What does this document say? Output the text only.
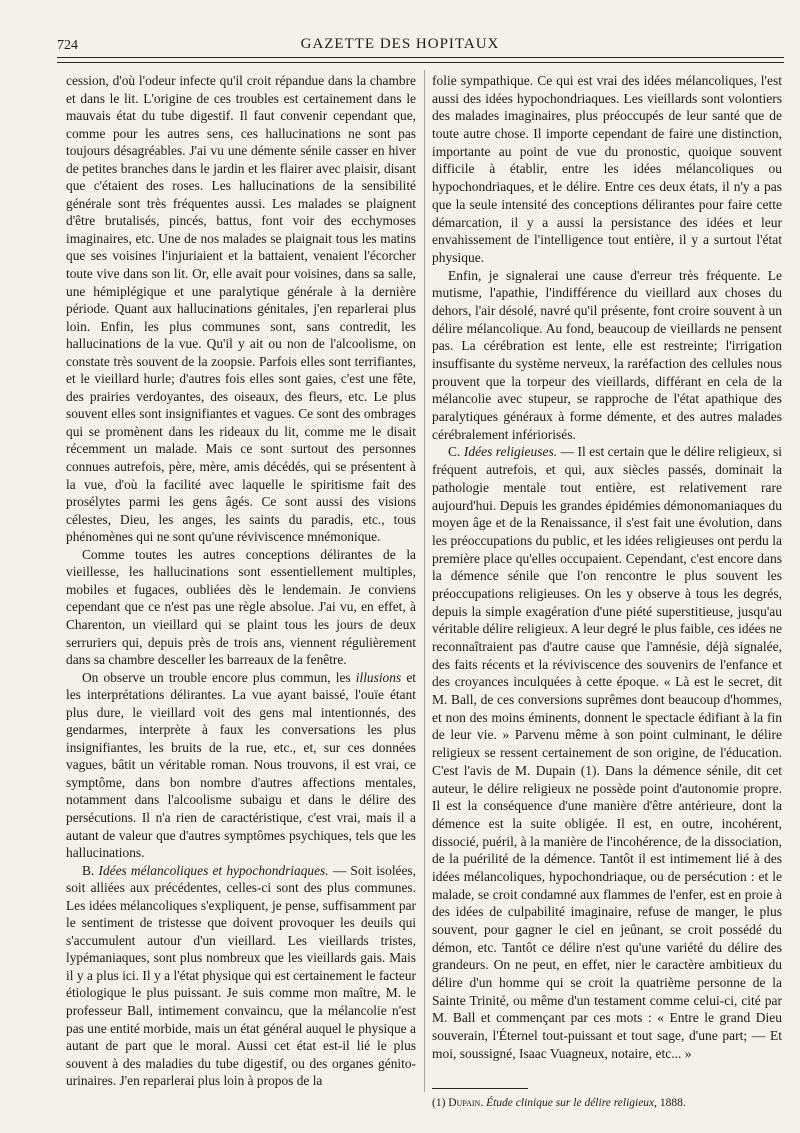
724	GAZETTE DES HOPITAUX

cession, d'où l'odeur infecte qu'il croit répandue dans la chambre et dans le lit. L'origine de ces troubles est certainement dans le mauvais état du tube digestif. Il faut convenir cependant que, comme pour les autres sens, ces hallucinations ne sont pas toujours désagréables. J'ai vu une démente sénile casser en hiver de petites branches dans le jardin et les flairer avec plaisir, disant que c'étaient des roses. Les hallucinations de la sensibilité générale sont très fréquentes aussi. Les malades se plaignent d'être brutalisés, pincés, battus, font voir des ecchymoses imaginaires, etc. Une de nos malades se plaignait tous les matins que ses voisines l'injuriaient et la battaient, venaient l'écorcher toute vive dans son lit. Or, elle avait pour voisines, dans sa salle, une hémiplégique et une paralytique générale à la dernière période. Quant aux hallucinations génitales, j'en reparlerai plus loin. Enfin, les plus communes sont, sans contredit, les hallucinations de la vue. Qu'il y ait ou non de l'alcoolisme, on constate très souvent de la zoopsie. Parfois elles sont terrifiantes, et le vieillard hurle; d'autres fois elles sont gaies, c'est une fête, des prairies verdoyantes, des oiseaux, des fleurs, etc. Le plus souvent elles sont insignifiantes et vagues. Ce sont des ombrages qui se promènent dans les rideaux du lit, comme me le disait récemment un malade. Mais ce sont surtout des personnes connues autrefois, père, mère, amis décédés, qui se présentent à la vue, d'où la facilité avec laquelle le spiritisme fait des prosélytes parmi les gens âgés. Ce sont aussi des visions célestes, Dieu, les anges, les saints du paradis, etc., tous phénomènes qui ne sont qu'une réviviscence mnémonique.

Comme toutes les autres conceptions délirantes de la vieillesse, les hallucinations sont essentiellement multiples, mobiles et fugaces, oubliées dès le lendemain. Je conviens cependant que ce n'est pas une règle absolue. J'ai vu, en effet, à Charenton, un vieillard qui se plaint tous les jours de deux serruriers qui, depuis près de trois ans, viennent régulièrement dans sa chambre desceller les barreaux de la fenêtre.

On observe un trouble encore plus commun, les illusions et les interprétations délirantes. La vue ayant baissé, l'ouïe étant plus dure, le vieillard voit des gens mal intentionnés, des gendarmes, interprète à faux les conversations les plus insignifiantes, les bruits de la rue, etc., et, sur ces données vagues, bâtit un véritable roman. Nous trouvons, il est vrai, ce symptôme, dans bon nombre d'autres affections mentales, notamment dans l'alcoolisme subaigu et dans le délire des persécutions. Il n'a rien de caractéristique, c'est vrai, mais il a autant de valeur que d'autres symptômes psychiques, tels que les hallucinations.

B. Idées mélancoliques et hypochondriaques. — Soit isolées, soit alliées aux précédentes, celles-ci sont des plus communes. Les idées mélancoliques s'expliquent, je pense, suffisamment par le sentiment de tristesse que doivent provoquer les deuils qui s'accumulent autour d'un vieillard. Les vieillards tristes, lypémaniaques, sont plus nombreux que les vieillards gais. Mais il y a plus ici. Il y a l'état physique qui est certainement le facteur étiologique le plus puissant. Je suis comme mon maître, M. le professeur Ball, intimement convaincu, que la mélancolie n'est pas une entité morbide, mais un état général auquel le physique a autant de part que le moral. Aussi cet état est-il lié le plus souvent à des maladies du tube digestif, ou des organes génito-urinaires. J'en reparlerai plus loin à propos de la

folie sympathique. Ce qui est vrai des idées mélancoliques, l'est aussi des idées hypochondriaques. Les vieillards sont volontiers des malades imaginaires, plus préoccupés de leur santé que de toute autre chose. Il importe cependant de faire une distinction, importante au point de vue du pronostic, quoique souvent difficile à établir, entre les idées mélancoliques ou hypochondriaques, et le délire. Entre ces deux états, il n'y a pas que la seule intensité des conceptions délirantes pour faire cette démarcation, il y a aussi la persistance des idées et leur envahissement de l'intelligence tout entière, il y a surtout l'état physique.

Enfin, je signalerai une cause d'erreur très fréquente. Le mutisme, l'apathie, l'indifférence du vieillard aux choses du dehors, l'air désolé, navré qu'il présente, font croire souvent à un délire mélancolique. Au fond, beaucoup de vieillards ne pensent pas. La cérébration est lente, elle est restreinte; l'irrigation insuffisante du système nerveux, la raréfaction des cellules nous prouvent que la torpeur des vieillards, différant en cela de la mélancolie avec stupeur, se rapproche de l'état apathique des paralytiques généraux à forme démente, et des autres malades cérébralement infériorisés.

C. Idées religieuses. — Il est certain que le délire religieux, si fréquent autrefois, et qui, aux siècles passés, dominait la pathologie mentale tout entière, est relativement rare aujourd'hui. Depuis les grandes épidémies démonomaniaques du moyen âge et de la Renaissance, il s'est fait une évolution, dans les préoccupations du public, et les idées religieuses ont perdu la première place qu'elles occupaient. Cependant, c'est encore dans la démence sénile que l'on rencontre le plus souvent les préoccupations religieuses. On les y observe à tous les degrés, depuis la simple exagération d'une piété superstitieuse, jusqu'au véritable délire religieux. A leur degré le plus faible, ces idées ne reconnaîtraient pas d'autre cause que l'amnésie, déjà signalée, des faits récents et la réviviscence des souvenirs de l'enfance et des croyances inculquées à cette époque. « Là est le secret, dit M. Ball, de ces conversions suprêmes dont beaucoup d'hommes, et non des moins éminents, donnent le spectacle édifiant à la fin de leur vie. » Parvenu même à son point culminant, le délire religieux se ressent certainement de son origine, de l'éducation. C'est l'avis de M. Dupain (1). Dans la démence sénile, dit cet auteur, le délire religieux ne possède point d'autonomie propre. Il est la conséquence d'une manière d'être antérieure, dont la démence est la suite obligée. Il est, en outre, incohérent, dissocié, puéril, à la manière de l'incohérence, de la dissociation, de la puérilité de la démence. Tantôt il est intimement lié à des idées mélancoliques, hypochondriaque, ou de persécution : et le malade, se croit condamné aux flammes de l'enfer, est en proie à des idées de culpabilité imaginaire, refuse de manger, le plus souvent, pour gagner le ciel en jeûnant, se croit possédé du démon, etc. Tantôt ce délire n'est qu'une variété du délire des grandeurs. On ne peut, en effet, nier le caractère ambitieux du délire d'un homme qui se croit la quatrième personne de la Sainte Trinité, ou même d'un testament comme celui-ci, cité par M. Ball et commençant par ces mots : « Entre le grand Dieu souverain, l'Éternel tout-puissant et tout sage, d'une part; — Et moi, soussigné, Isaac Vuagneux, notaire, etc... »

(1) Dupain. Étude clinique sur le délire religieux, 1888.
